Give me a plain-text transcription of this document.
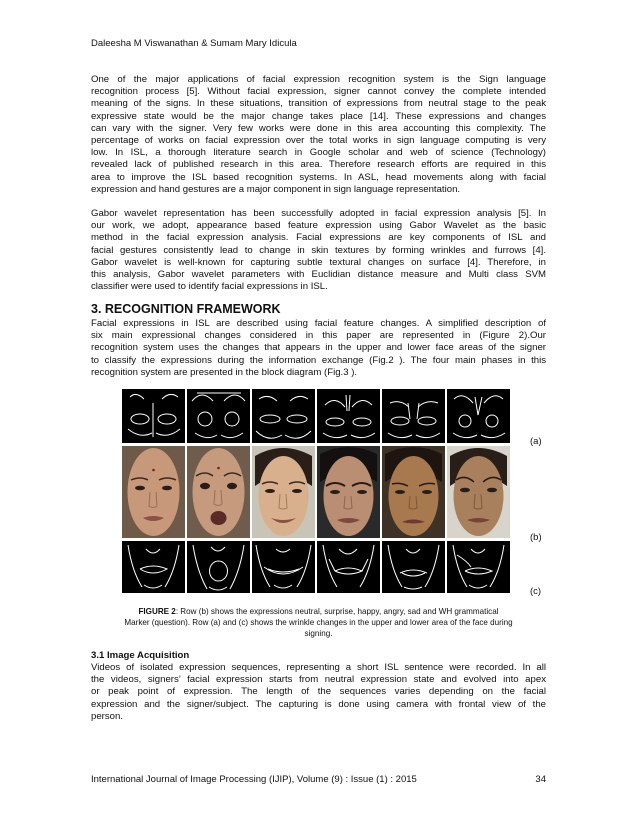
Daleesha M Viswanathan & Sumam Mary Idicula
One of the major applications of facial expression recognition system is the Sign language
recognition process [5]. Without facial expression, signer cannot convey the complete intended
meaning of the signs. In these situations, transition of expressions from neutral stage to the peak
expressive state would be the major change takes place [14]. These expressions and changes
can vary with the signer. Very few works were done in this area accounting this complexity. The
percentage of works on facial expression over the total works in sign language computing is very
low. In ISL, a thorough literature search in Google scholar and web of science (Technology)
revealed lack of published research in this area. Therefore research efforts are required in this
area to improve the ISL based recognition systems. In ASL, head movements along with facial
expression and hand gestures are a major component in sign language representation.
Gabor wavelet representation has been successfully adopted in facial expression analysis [5]. In
our work, we adopt, appearance based feature expression using Gabor Wavelet as the basic
method in the facial expression analysis. Facial expressions are key components of ISL and
facial gestures consistently lead to change in skin textures by forming wrinkles and furrows [4].
Gabor wavelet is well-known for capturing subtle textural changes on surface [4]. Therefore, in
this analysis, Gabor wavelet parameters with Euclidian distance measure and Multi class SVM
classifier were used to identify facial expressions in ISL.
3. RECOGNITION FRAMEWORK
Facial expressions in ISL are described using facial feature changes. A simplified description of
six main expressional changes considered in this paper are represented in (Figure 2).Our
recognition system uses the changes that appears in the upper and lower face areas of the signer
to classify the expressions during the information exchange (Fig.2 ). The four main phases in this
recognition system are presented in the block diagram (Fig.3 ).
(a)
(b)
(c)
FIGURE 2: Row (b) shows the expressions neutral, surprise, happy, angry, sad and WH grammatical
Marker (question). Row (a) and (c) shows the wrinkle changes in the upper and lower area of the face during
signing.
3.1 Image Acquisition
Videos of isolated expression sequences, representing a short ISL sentence were recorded. In all
the videos, signers’ facial expression starts from neutral expression state and evolved into apex
or peak point of expression. The length of the sequences varies depending on the facial
expression and the signer/subject. The capturing is done using camera with frontal view of the
person.
International Journal of Image Processing (IJIP), Volume (9) : Issue (1) : 2015	34
